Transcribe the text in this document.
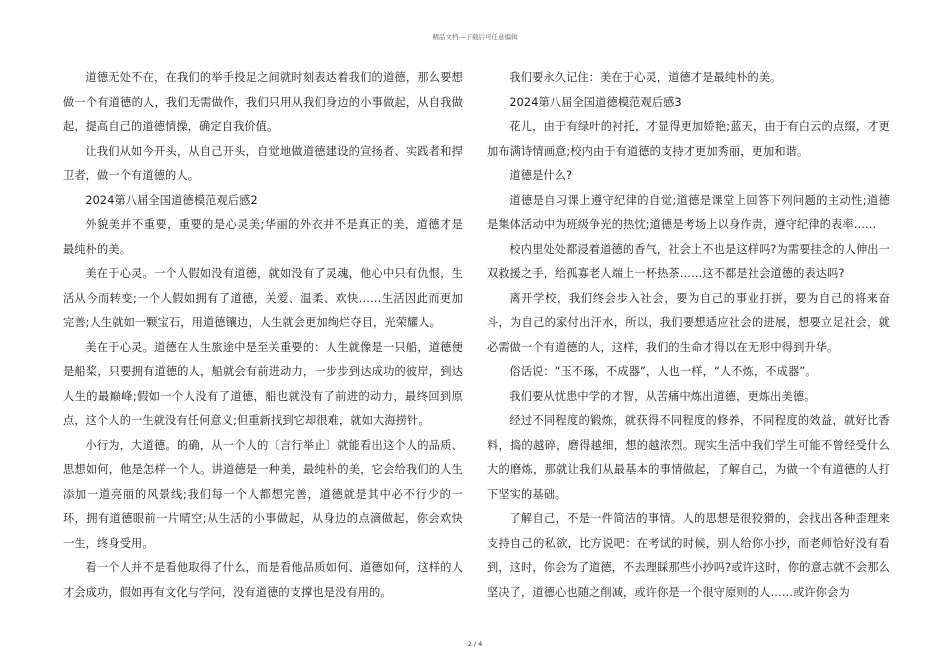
精品文档---下载后可任意编辑

道德无处不在，在我们的举手投足之间就时刻表达着我们的道德，那么要想做一个有道德的人，我们无需做作，我们只用从我们身边的小事做起，从自我做起，提高自己的道德情操，确定自我价值。

让我们从如今开头，从自己开头，自觉地做道德建设的宣扬者、实践者和捍卫者，做一个有道德的人。

2024第八届全国道德模范观后感2

外貌美并不重要，重要的是心灵美;华丽的外衣并不是真正的美，道德才是最纯朴的美。

美在于心灵。一个人假如没有道德，就如没有了灵魂，他心中只有仇恨，生活从今而转变;一个人假如拥有了道德，关爱、温柔、欢快……生活因此而更加完善;人生就如一颗宝石，用道德镶边，人生就会更加绚烂夺目，光荣耀人。

美在于心灵。道德在人生旅途中是至关重要的：人生就像是一只船，道德便是船桨，只要拥有道德的人，船就会有前进动力，一步步到达成功的彼岸，到达人生的最巅峰;假如一个人没有了道德，船也就没有了前进的动力，最终回到原点，这个人的一生就没有任何意义;但重新找到它却很难，就如大海捞针。

小行为，大道德。的确，从一个人的〔言行举止〕就能看出这个人的品质、思想如何，他是怎样一个人。讲道德是一种美，最纯朴的美，它会给我们的人生添加一道亮丽的风景线;我们每一个人都想完善，道德就是其中必不行少的一环，拥有道德眼前一片晴空;从生活的小事做起，从身边的点滴做起，你会欢快一生，终身受用。

看一个人并不是看他取得了什么，而是看他品质如何、道德如何，这样的人才会成功，假如再有文化与学问，没有道德的支撑也是没有用的。

我们要永久记住：美在于心灵，道德才是最纯朴的美。

2024第八届全国道德模范观后感3

花儿，由于有绿叶的衬托，才显得更加娇艳;蓝天，由于有白云的点缀，才更加布满诗情画意;校内由于有道德的支持才更加秀丽，更加和谐。

道德是什么?

道德是自习课上遵守纪律的自觉;道德是课堂上回答下列问题的主动性;道德是集体活动中为班级争光的热忱;道德是考场上以身作责，遵守纪律的表率……

校内里处处都浸着道德的香气，社会上不也是这样吗?为需要挂念的人伸出一双救援之手，给孤寡老人端上一杯热茶……这不都是社会道德的表达吗?

离开学校，我们终会步入社会，要为自己的事业打拼，要为自己的将来奋斗，为自己的家付出汗水，所以，我们要想适应社会的进展，想要立足社会，就必需做一个有道德的人，这样，我们的生命才得以在无形中得到升华。

俗话说：“玉不琢，不成器”，人也一样，“人不炼，不成器”。

我们要从忧患中学的才智，从苦痛中炼出道德，更炼出美德。

经过不同程度的锻炼，就获得不同程度的修养，不同程度的效益，就好比香料，捣的越碎，磨得越细，想的越浓烈。现实生活中我们学生可能不曾经受什么大的磨炼，那就让我们从最基本的事情做起，了解自己，为做一个有道德的人打下坚实的基础。

了解自己，不是一件简洁的事情。人的思想是很狡猾的，会找出各种歪理来支持自己的私欲，比方说吧：在考试的时候，别人给你小抄，而老师恰好没有看到，这时，你会为了道德，不去理睬那些小抄吗?或许这时，你的意志就不会那么坚决了，道德心也随之削减，或许你是一个很守原则的人……或许你会为

2 / 4
